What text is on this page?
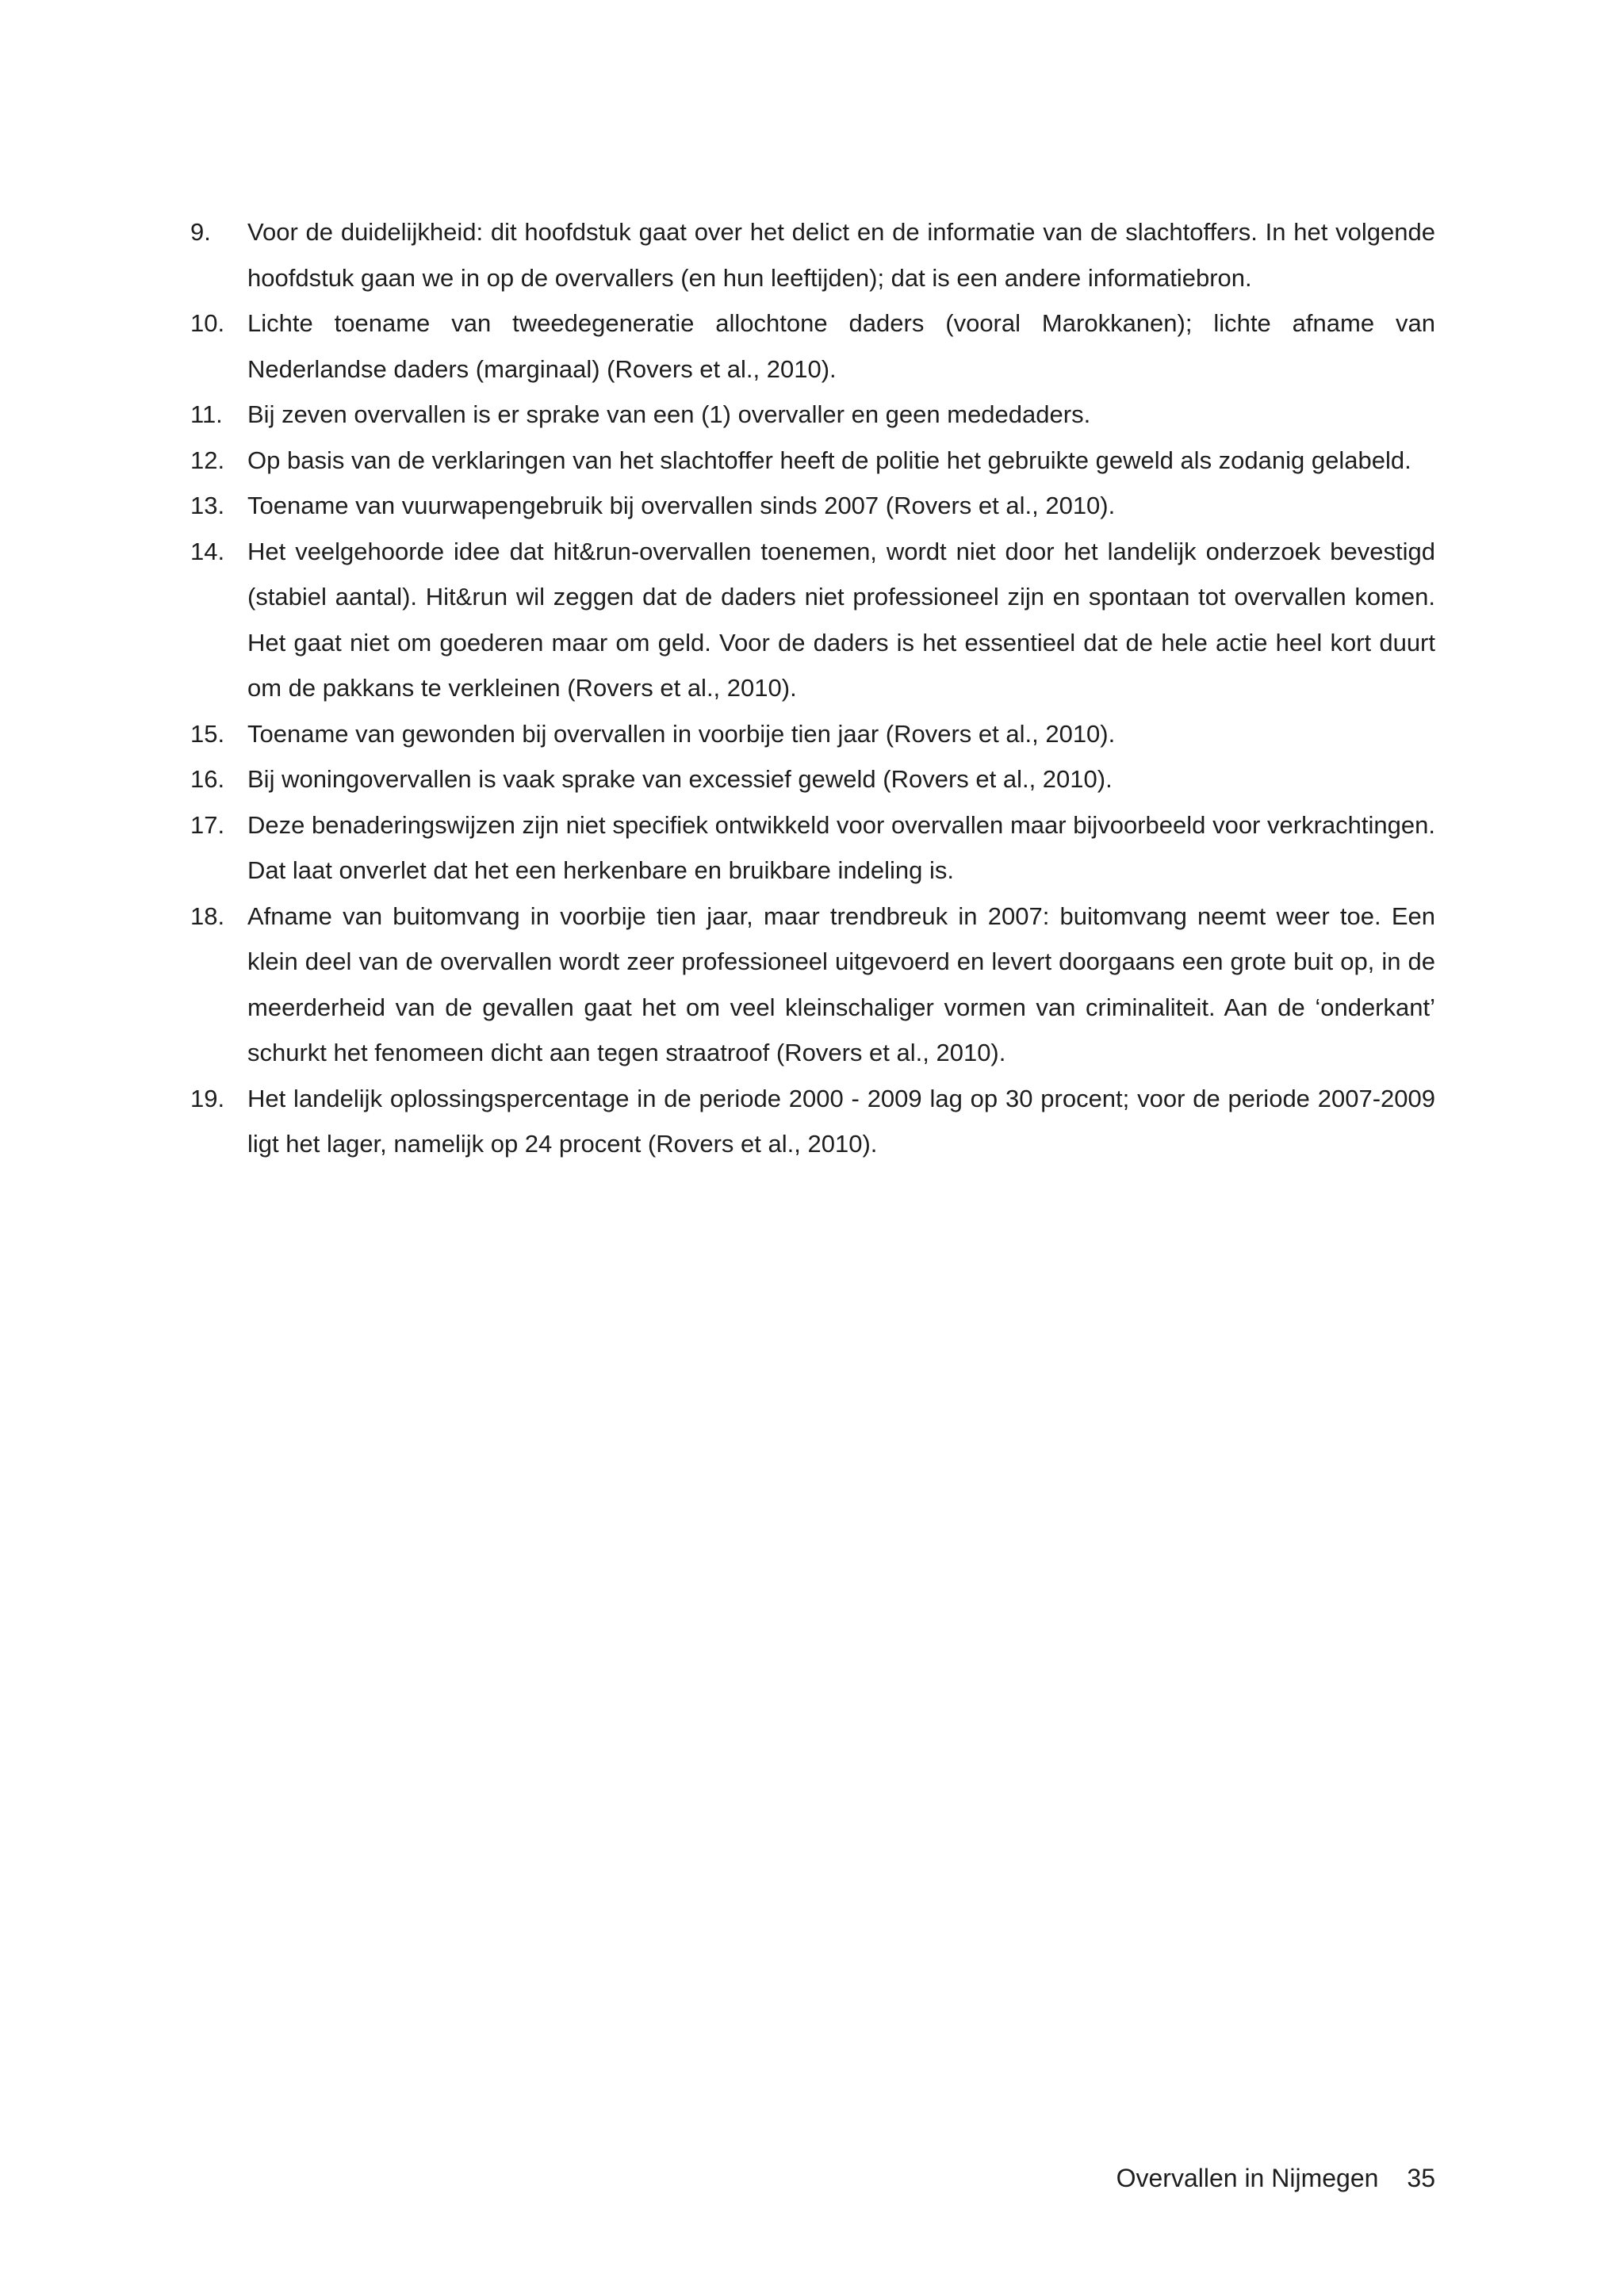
9.	Voor de duidelijkheid: dit hoofdstuk gaat over het delict en de informatie van de slachtoffers. In het volgende hoofdstuk gaan we in op de overvallers (en hun leeftijden); dat is een andere informatiebron.
10. Lichte toename van tweedegeneratie allochtone daders (vooral Marokkanen); lichte afname van Nederlandse daders (marginaal) (Rovers et al., 2010).
11.	Bij zeven overvallen is er sprake van een (1) overvaller en geen mededaders.
12. Op basis van de verklaringen van het slachtoffer heeft de politie het gebruikte geweld als zodanig gelabeld.
13. Toename van vuurwapengebruik bij overvallen sinds 2007 (Rovers et al., 2010).
14. Het veelgehoorde idee dat hit&run-overvallen toenemen, wordt niet door het landelijk onderzoek bevestigd (stabiel aantal). Hit&run wil zeggen dat de daders niet professioneel zijn en spontaan tot overvallen komen. Het gaat niet om goederen maar om geld. Voor de daders is het essentieel dat de hele actie heel kort duurt om de pakkans te verkleinen (Rovers et al., 2010).
15. Toename van gewonden bij overvallen in voorbije tien jaar (Rovers et al., 2010).
16. Bij woningovervallen is vaak sprake van excessief geweld (Rovers et al., 2010).
17. Deze benaderingswijzen zijn niet specifiek ontwikkeld voor overvallen maar bijvoorbeeld voor verkrachtingen. Dat laat onverlet dat het een herkenbare en bruikbare indeling is.
18. Afname van buitomvang in voorbije tien jaar, maar trendbreuk in 2007: buitomvang neemt weer toe. Een klein deel van de overvallen wordt zeer professioneel uitgevoerd en levert doorgaans een grote buit op, in de meerderheid van de gevallen gaat het om veel kleinschaliger vormen van criminaliteit. Aan de ‘onderkant’ schurkt het fenomeen dicht aan tegen straatroof (Rovers et al., 2010).
19. Het landelijk oplossingspercentage in de periode 2000 - 2009 lag op 30 procent; voor de periode 2007-2009 ligt het lager, namelijk op 24 procent (Rovers et al., 2010).
Overvallen in Nijmegen 35
